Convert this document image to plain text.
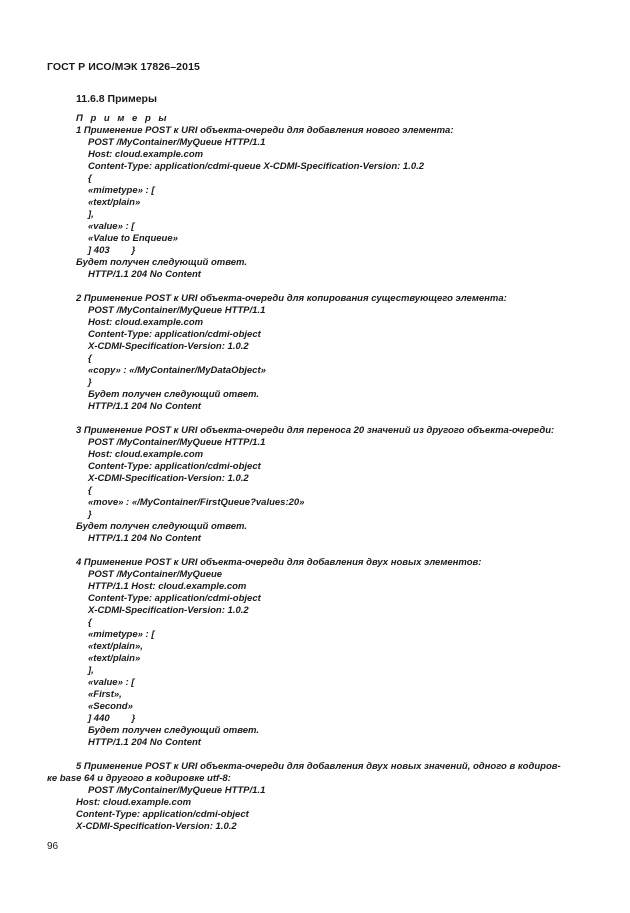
ГОСТ Р ИСО/МЭК 17826–2015
11.6.8 Примеры
П р и м е р ы
1 Применение POST к URI объекта-очереди для добавления нового элемента:
POST /MyContainer/MyQueue HTTP/1.1
Host: cloud.example.com
Content-Type: application/cdmi-queue X-CDMI-Specification-Version: 1.0.2
{
«mimetype» : [
«text/plain»
],
«value» : [
«Value to Enqueue»
] 403 }
Будет получен следующий ответ.
HTTP/1.1 204 No Content
2 Применение POST к URI объекта-очереди для копирования существующего элемента:
POST /MyContainer/MyQueue HTTP/1.1
Host: cloud.example.com
Content-Type: application/cdmi-object
X-CDMI-Specification-Version: 1.0.2
{
«copy» : «/MyContainer/MyDataObject»
}
Будет получен следующий ответ.
HTTP/1.1 204 No Content
3 Применение POST к URI объекта-очереди для переноса 20 значений из другого объекта-очереди:
POST /MyContainer/MyQueue HTTP/1.1
Host: cloud.example.com
Content-Type: application/cdmi-object
X-CDMI-Specification-Version: 1.0.2
{
«move» : «/MyContainer/FirstQueue?values:20»
}
Будет получен следующий ответ.
HTTP/1.1 204 No Content
4 Применение POST к URI объекта-очереди для добавления двух новых элементов:
POST /MyContainer/MyQueue
HTTP/1.1 Host: cloud.example.com
Content-Type: application/cdmi-object
X-CDMI-Specification-Version: 1.0.2
{
«mimetype» : [
«text/plain»,
«text/plain»
],
«value» : [
«First»,
«Second»
] 440 }
Будет получен следующий ответ.
HTTP/1.1 204 No Content
5 Применение POST к URI объекта-очереди для добавления двух новых значений, одного в кодиров-
ке base 64 и другого в кодировке utf-8:
POST /MyContainer/MyQueue HTTP/1.1
Host: cloud.example.com
Content-Type: application/cdmi-object
X-CDMI-Specification-Version: 1.0.2
96
